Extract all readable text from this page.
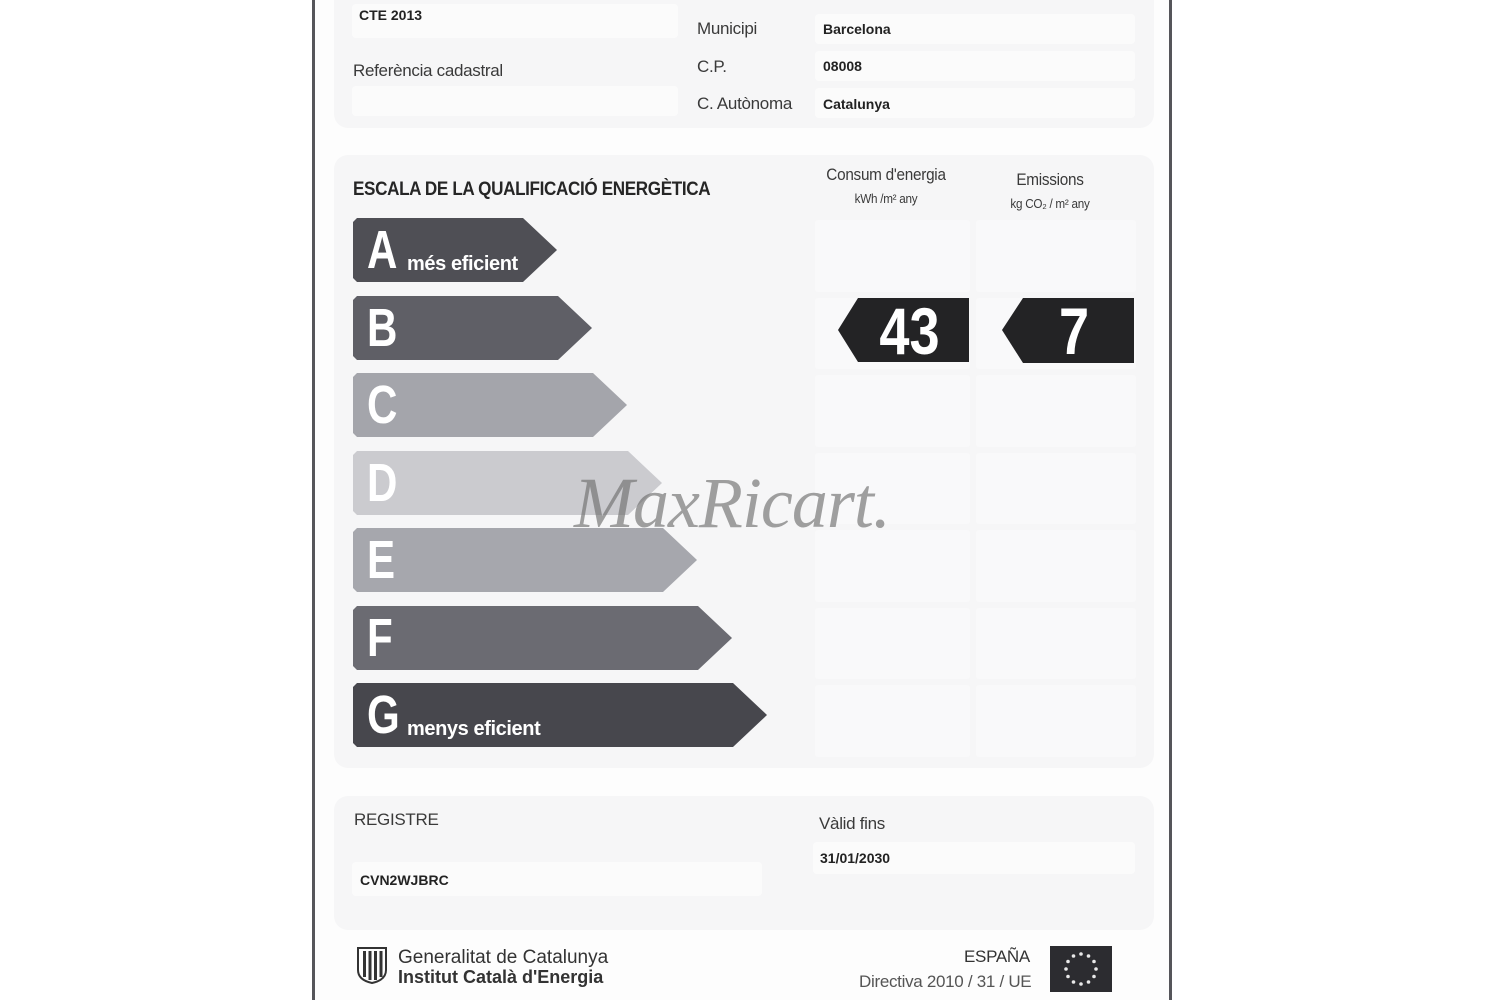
CTE 2013
Referència cadastral
Municipi	Barcelona
C.P.	08008
C. Autònoma Catalunya
ESCALA DE LA QUALIFICACIÓ ENERGÈTICA
Consum d'energia
kWh /m² any
Emissions
kg CO₂ / m² any
A més eficient
B
C
D
E
F
G menys eficient
43	7
MaxRicart.
REGISTRE
CVN2WJBRC
Vàlid fins
31/01/2030
Generalitat de Catalunya
Institut Català d'Energia
ESPAÑA
Directiva 2010 / 31 / UE
